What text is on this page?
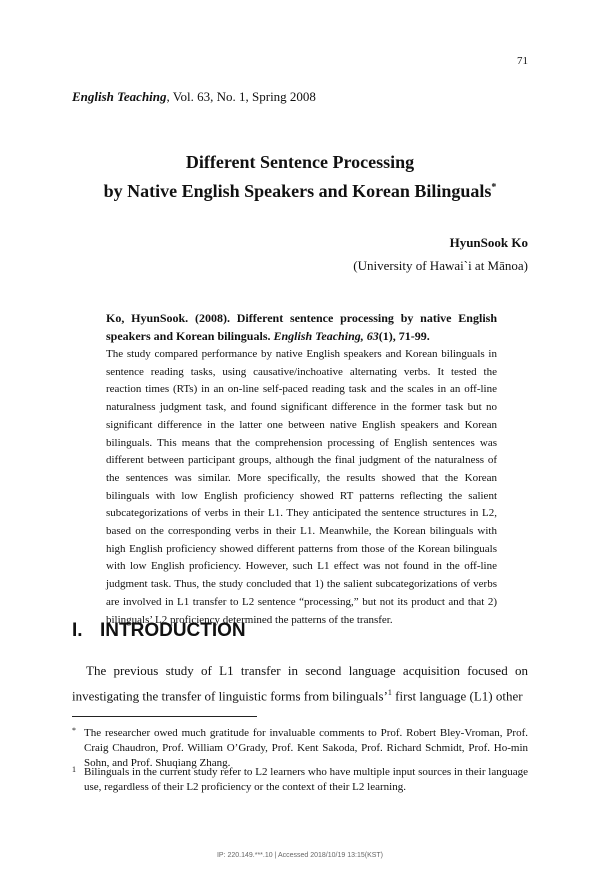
71
English Teaching, Vol. 63, No. 1, Spring 2008
Different Sentence Processing
by Native English Speakers and Korean Bilinguals*
HyunSook Ko
(University of Hawai`i at Mānoa)
Ko, HyunSook. (2008). Different sentence processing by native English speakers and Korean bilinguals. English Teaching, 63(1), 71-99.
The study compared performance by native English speakers and Korean bilinguals in sentence reading tasks, using causative/inchoative alternating verbs. It tested the reaction times (RTs) in an on-line self-paced reading task and the scales in an off-line naturalness judgment task, and found significant difference in the former task but no significant difference in the latter one between native English speakers and Korean bilinguals. This means that the comprehension processing of English sentences was different between participant groups, although the final judgment of the naturalness of the sentences was similar. More specifically, the results showed that the Korean bilinguals with low English proficiency showed RT patterns reflecting the salient subcategorizations of verbs in their L1. They anticipated the sentence structures in L2, based on the corresponding verbs in their L1. Meanwhile, the Korean bilinguals with high English proficiency showed different patterns from those of the Korean bilinguals with low English proficiency. However, such L1 effect was not found in the off-line judgment task. Thus, the study concluded that 1) the salient subcategorizations of verbs are involved in L1 transfer to L2 sentence “processing,” but not its product and that 2) bilinguals’ L2 proficiency determined the patterns of the transfer.
I. INTRODUCTION
The previous study of L1 transfer in second language acquisition focused on investigating the transfer of linguistic forms from bilinguals’$^1$ first language (L1) other
* The researcher owed much gratitude for invaluable comments to Prof. Robert Bley-Vroman, Prof. Craig Chaudron, Prof. William O’Grady, Prof. Kent Sakoda, Prof. Richard Schmidt, Prof. Ho-min Sohn, and Prof. Shuqiang Zhang.
1 Bilinguals in the current study refer to L2 learners who have multiple input sources in their language use, regardless of their L2 proficiency or the context of their L2 learning.
IP: 220.149.***.10 | Accessed 2018/10/19 13:15(KST)
